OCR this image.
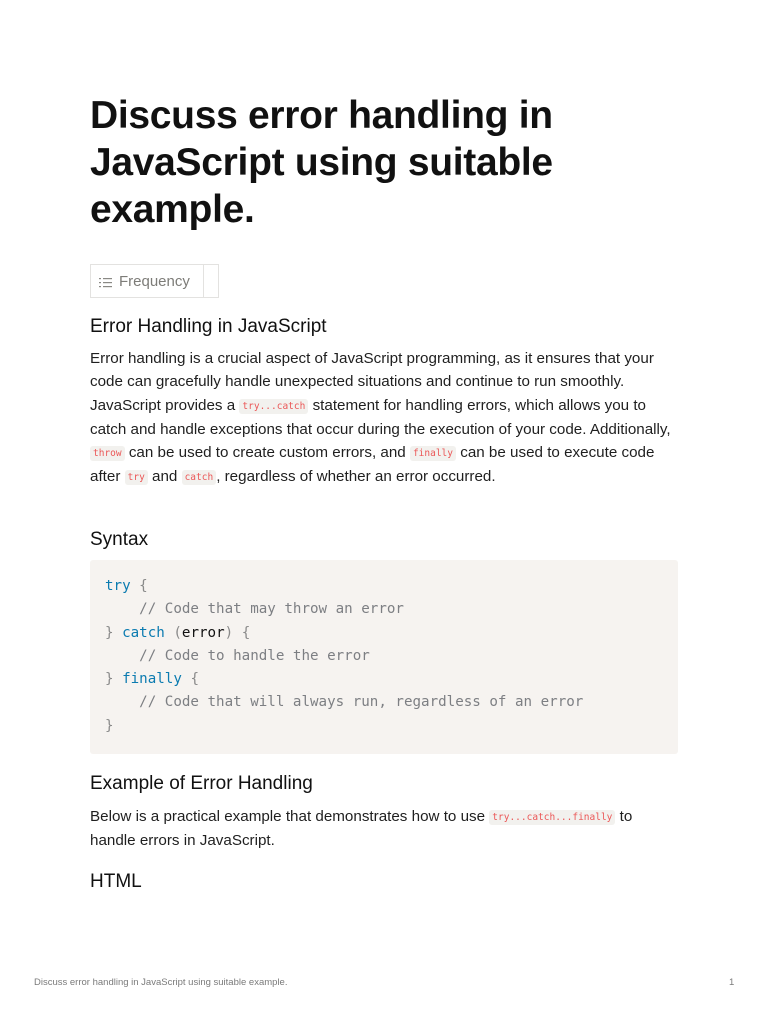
Discuss error handling in JavaScript using suitable example.
Frequency
Error Handling in JavaScript

Error handling is a crucial aspect of JavaScript programming, as it ensures that your code can gracefully handle unexpected situations and continue to run smoothly. JavaScript provides a try...catch statement for handling errors, which allows you to catch and handle exceptions that occur during the execution of your code. Additionally, throw can be used to create custom errors, and finally can be used to execute code after try and catch , regardless of whether an error occurred.

Syntax
try {
// Code that may throw an error
} catch (error) {
// Code to handle the error
} finally {
// Code that will always run, regardless of an error
}
Example of Error Handling

Below is a practical example that demonstrates how to use try...catch...finally to handle errors in JavaScript.

HTML
Discuss error handling in JavaScript using suitable example.	1
